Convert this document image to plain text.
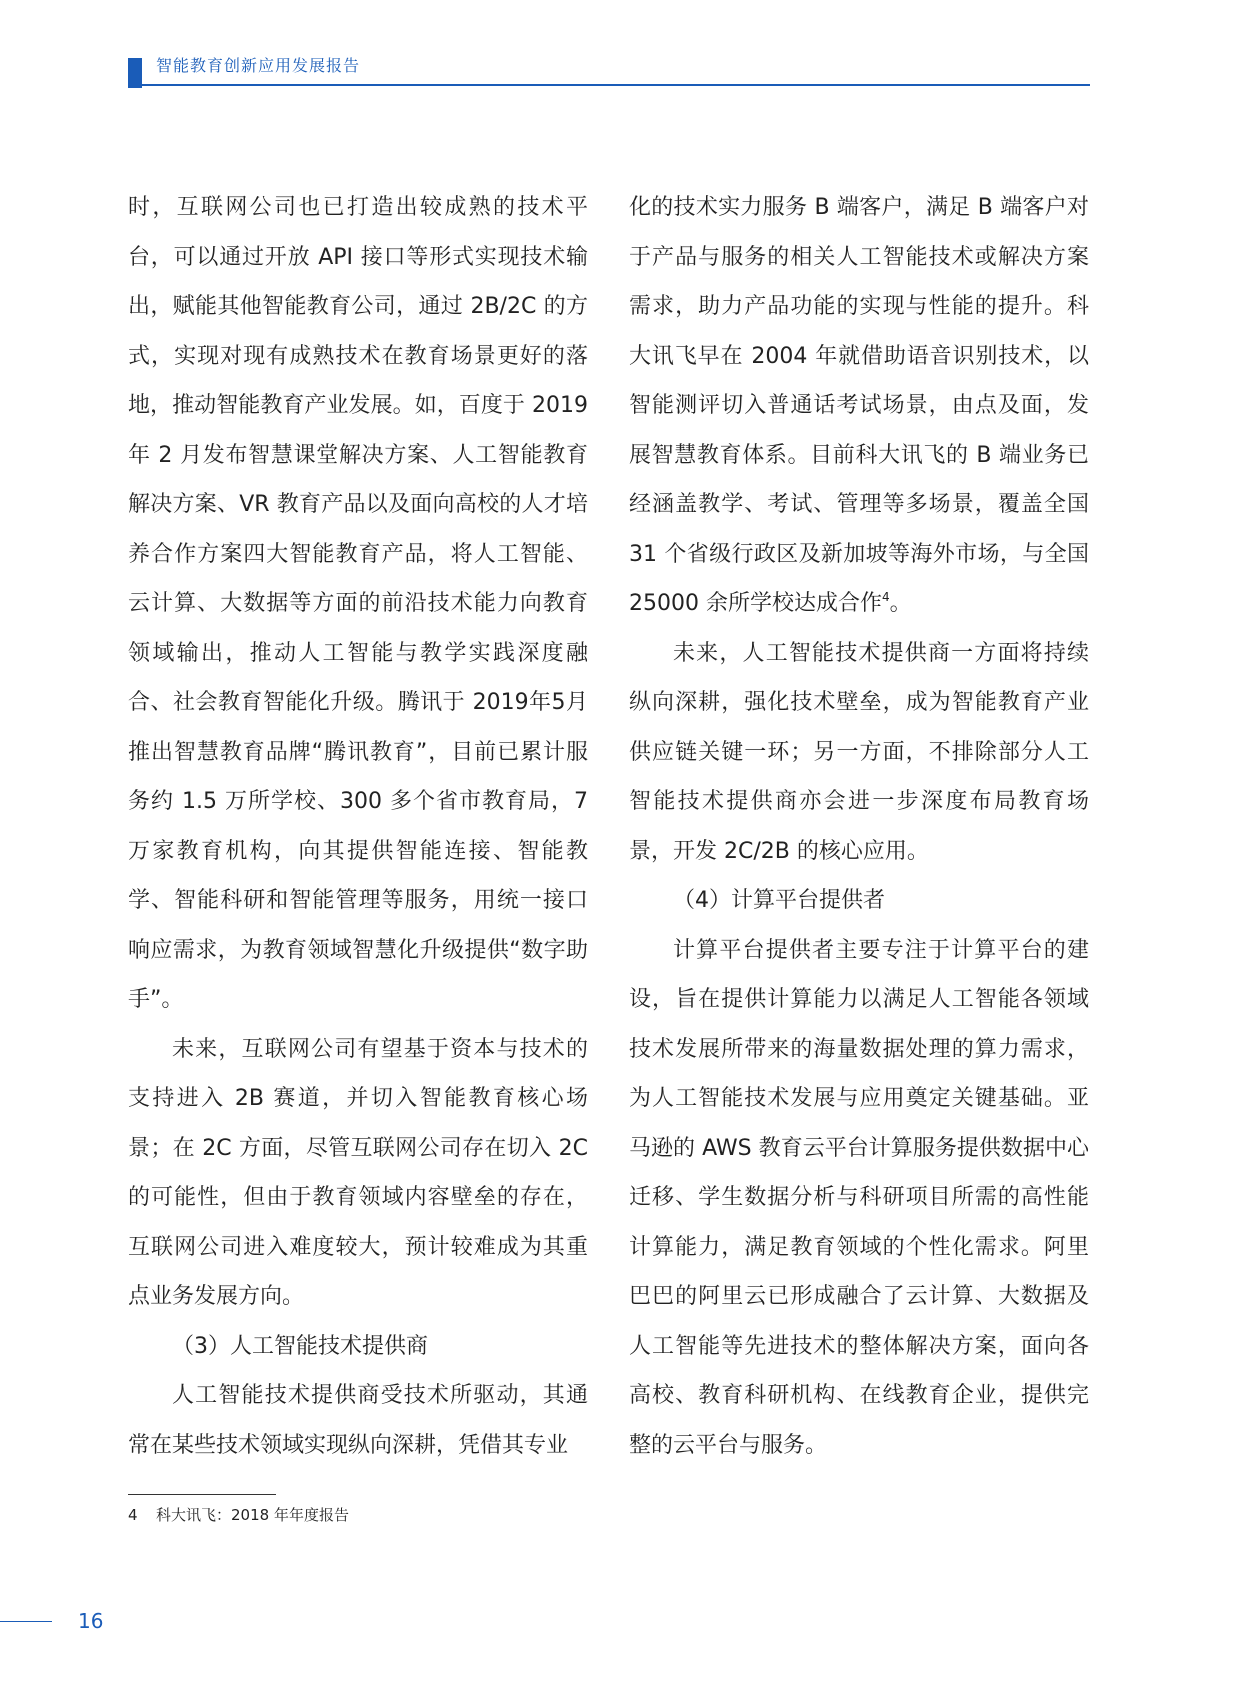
智能教育创新应用发展报告

时，互联网公司也已打造出较成熟的技术平台，可以通过开放 API 接口等形式实现技术输出，赋能其他智能教育公司，通过 2B/2C 的方式，实现对现有成熟技术在教育场景更好的落地，推动智能教育产业发展。如，百度于 2019 年 2 月发布智慧课堂解决方案、人工智能教育解决方案、VR 教育产品以及面向高校的人才培养合作方案四大智能教育产品，将人工智能、云计算、大数据等方面的前沿技术能力向教育领域输出，推动人工智能与教学实践深度融合、社会教育智能化升级。腾讯于 2019年5月推出智慧教育品牌“腾讯教育”，目前已累计服务约 1.5 万所学校、300 多个省市教育局，7 万家教育机构，向其提供智能连接、智能教学、智能科研和智能管理等服务，用统一接口响应需求，为教育领域智慧化升级提供“数字助手”。

未来，互联网公司有望基于资本与技术的支持进入 2B 赛道，并切入智能教育核心场景；在 2C 方面，尽管互联网公司存在切入 2C 的可能性，但由于教育领域内容壁垒的存在，互联网公司进入难度较大，预计较难成为其重点业务发展方向。

（3）人工智能技术提供商

人工智能技术提供商受技术所驱动，其通常在某些技术领域实现纵向深耕，凭借其专业

化的技术实力服务 B 端客户，满足 B 端客户对于产品与服务的相关人工智能技术或解决方案需求，助力产品功能的实现与性能的提升。科大讯飞早在 2004 年就借助语音识别技术，以智能测评切入普通话考试场景，由点及面，发展智慧教育体系。目前科大讯飞的 B 端业务已经涵盖教学、考试、管理等多场景，覆盖全国 31 个省级行政区及新加坡等海外市场，与全国 25000 余所学校达成合作$^4$。

未来，人工智能技术提供商一方面将持续纵向深耕，强化技术壁垒，成为智能教育产业供应链关键一环；另一方面，不排除部分人工智能技术提供商亦会进一步深度布局教育场景，开发 2C/2B 的核心应用。

（4）计算平台提供者

计算平台提供者主要专注于计算平台的建设，旨在提供计算能力以满足人工智能各领域技术发展所带来的海量数据处理的算力需求，为人工智能技术发展与应用奠定关键基础。亚马逊的 AWS 教育云平台计算服务提供数据中心迁移、学生数据分析与科研项目所需的高性能计算能力，满足教育领域的个性化需求。阿里巴巴的阿里云已形成融合了云计算、大数据及人工智能等先进技术的整体解决方案，面向各高校、教育科研机构、在线教育企业，提供完整的云平台与服务。

4 科大讯飞：2018 年年度报告
16
